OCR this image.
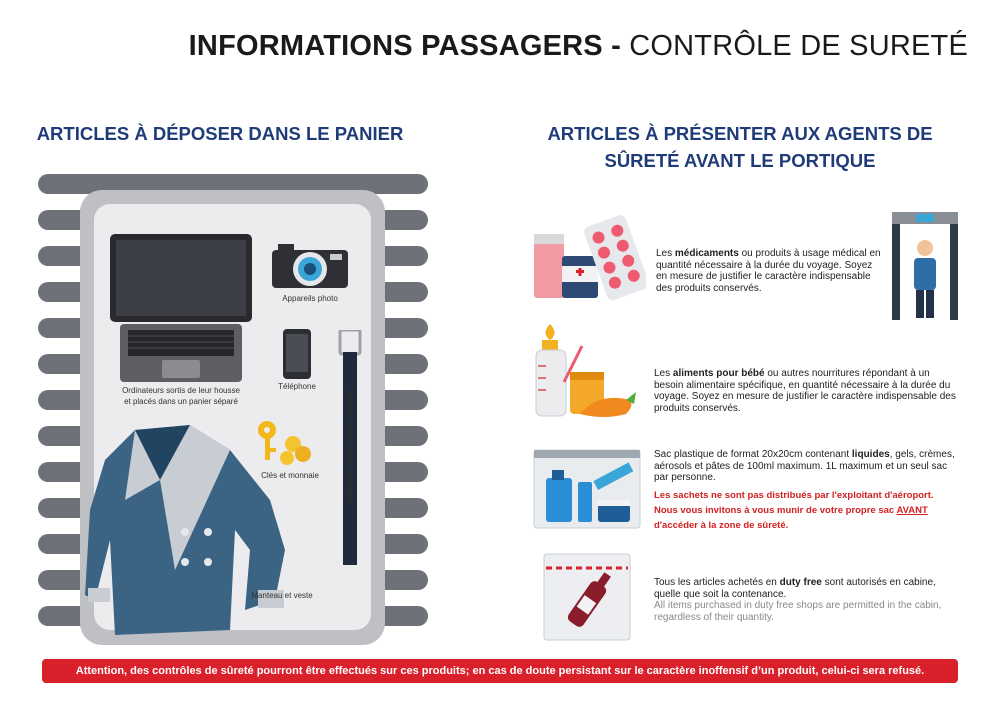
INFORMATIONS PASSAGERS - CONTRÔLE DE SURETÉ
ARTICLES À DÉPOSER DANS LE PANIER	ARTICLES À PRÉSENTER AUX AGENTS DE
SÛRETÉ AVANT LE PORTIQUE
Ordinateurs sortis de leur housse
et placés dans un panier séparé
Appareils photo
Téléphone
Ceintures avec masse métallique
Clés et monnaie
Manteau et veste
Les médicaments ou produits à usage médical en quantité nécessaire à la durée du voyage. Soyez en mesure de justifier le caractère indispensable des produits conservés.
Les aliments pour bébé ou autres nourritures répondant à un besoin alimentaire spécifique, en quantité nécessaire à la durée du voyage. Soyez en mesure de justifier le caractère indispensable des produits conservés.
Sac plastique de format 20x20cm contenant liquides, gels, crèmes, aérosols et pâtes de 100ml maximum. 1L maximum et un seul sac par personne.
Les sachets ne sont pas distribués par l'exploitant d'aéroport.
Nous vous invitons à vous munir de votre propre sac AVANT
d'accéder à la zone de sûreté.
Tous les articles achetés en duty free sont autorisés en cabine, quelle que soit la contenance.
All items purchased in duty free shops are permitted in the cabin, regardless of their quantity.
Attention, des contrôles de sûreté pourront être effectués sur ces produits; en cas de doute persistant sur le caractère inoffensif d’un produit, celui-ci sera refusé.
